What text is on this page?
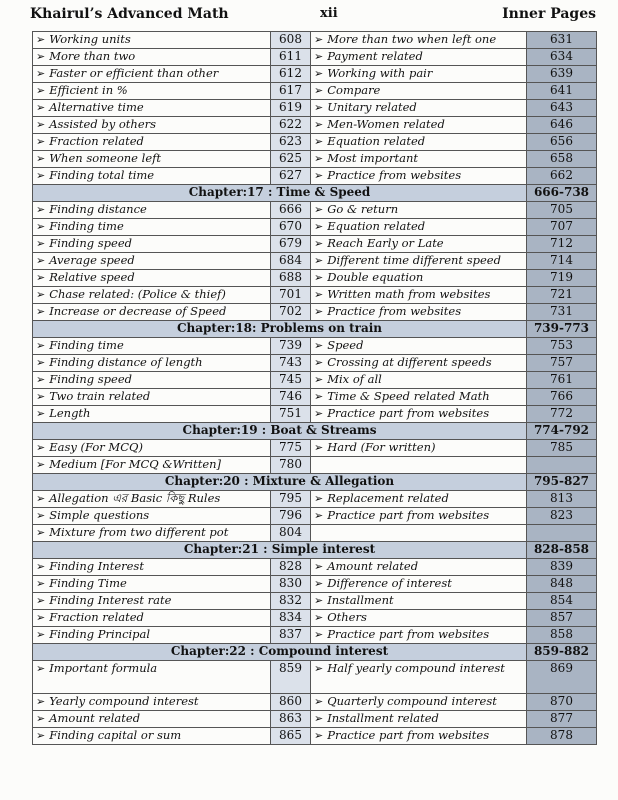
Khairul’s Advanced Math	xii	Inner Pages
➢ Working units	608	➢ More than two when left one	631
➢ More than two	611	➢ Payment related	634
➢ Faster or efficient than other	612	➢ Working with pair	639
➢ Efficient in %	617	➢ Compare	641
➢ Alternative time	619	➢ Unitary related	643
➢ Assisted by others	622	➢ Men-Women related	646
➢ Fraction related	623	➢ Equation related	656
➢ When someone left	625	➢ Most important	658
➢ Finding total time	627	➢ Practice from websites	662
Chapter:17 : Time & Speed			666-738
➢ Finding distance	666	➢ Go & return	705
➢ Finding time	670	➢ Equation related	707
➢ Finding speed	679	➢ Reach Early or Late	712
➢ Average speed	684	➢ Different time different speed	714
➢ Relative speed	688	➢ Double equation	719
➢ Chase related: (Police & thief)	701	➢ Written math from websites	721
➢ Increase or decrease of Speed	702	➢ Practice from websites	731
Chapter:18: Problems on train			739-773
➢ Finding time	739	➢ Speed	753
➢ Finding distance of length	743	➢ Crossing at different speeds	757
➢ Finding speed	745	➢ Mix of all	761
➢ Two train related	746	➢ Time & Speed related Math	766
➢ Length	751	➢ Practice part from websites	772
Chapter:19 : Boat & Streams			774-792
➢ Easy (For MCQ)	775	➢ Hard (For written)	785
➢ Medium [For MCQ &Written]	780		
Chapter:20 : Mixture & Allegation			795-827
➢ Allegation এর Basic কিছু Rules	795	➢ Replacement related	813
➢ Simple questions	796	➢ Practice part from websites	823
➢ Mixture from two different pot	804		
Chapter:21 : Simple interest			828-858
➢ Finding Interest	828	➢ Amount related	839
➢ Finding Time	830	➢ Difference of interest	848
➢ Finding Interest rate	832	➢ Installment	854
➢ Fraction related	834	➢ Others	857
➢ Finding Principal	837	➢ Practice part from websites	858
Chapter:22 : Compound interest			859-882
➢ Important formula	859	➢ Half yearly compound interest	869
➢ Yearly compound interest	860	➢ Quarterly compound interest	870
➢ Amount related	863	➢ Installment related	877
➢ Finding capital or sum	865	➢ Practice part from websites	878
